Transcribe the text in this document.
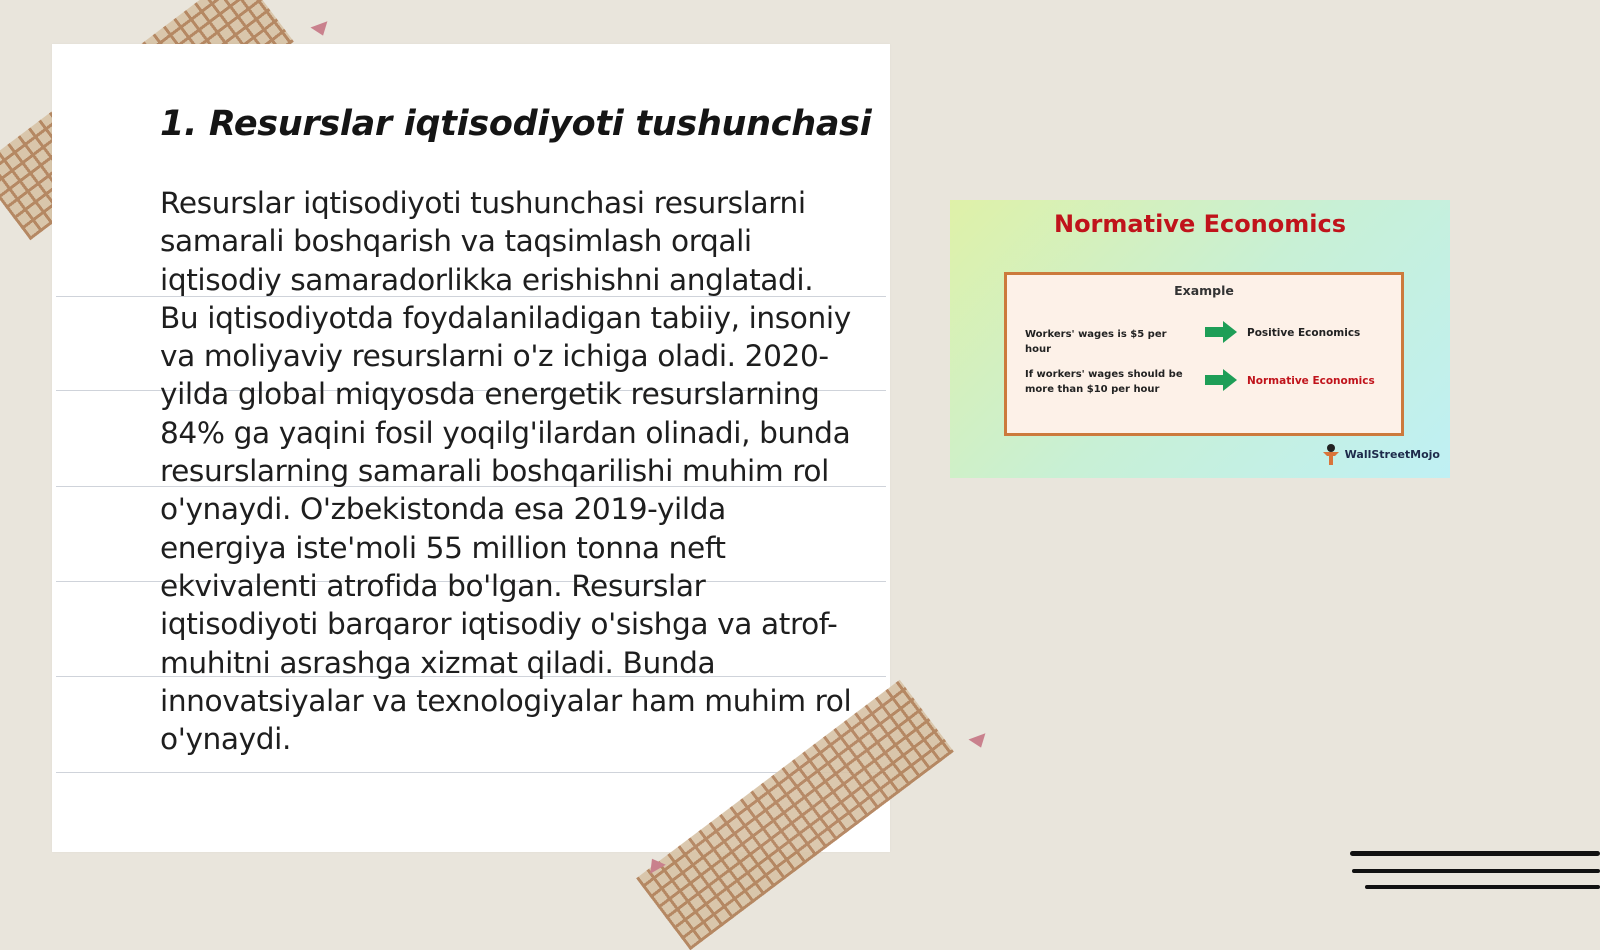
1. Resurslar iqtisodiyoti tushunchasi

Resurslar iqtisodiyoti tushunchasi resurslarni samarali boshqarish va taqsimlash orqali iqtisodiy samaradorlikka erishishni anglatadi. Bu iqtisodiyotda foydalaniladigan tabiiy, insoniy va moliyaviy resurslarni o'z ichiga oladi. 2020-yilda global miqyosda energetik resurslarning 84% ga yaqini fosil yoqilg'ilardan olinadi, bunda resurslarning samarali boshqarilishi muhim rol o'ynaydi. O'zbekistonda esa 2019-yilda energiya iste'moli 55 million tonna neft ekvivalenti atrofida bo'lgan. Resurslar iqtisodiyoti barqaror iqtisodiy o'sishga va atrof-muhitni asrashga xizmat qiladi. Bunda innovatsiyalar va texnologiyalar ham muhim rol o'ynaydi.

Normative Economics
Example
Workers' wages is $5 per hour
Positive Economics
If workers' wages should be more than $10 per hour
Normative Economics
WallStreetMojo
